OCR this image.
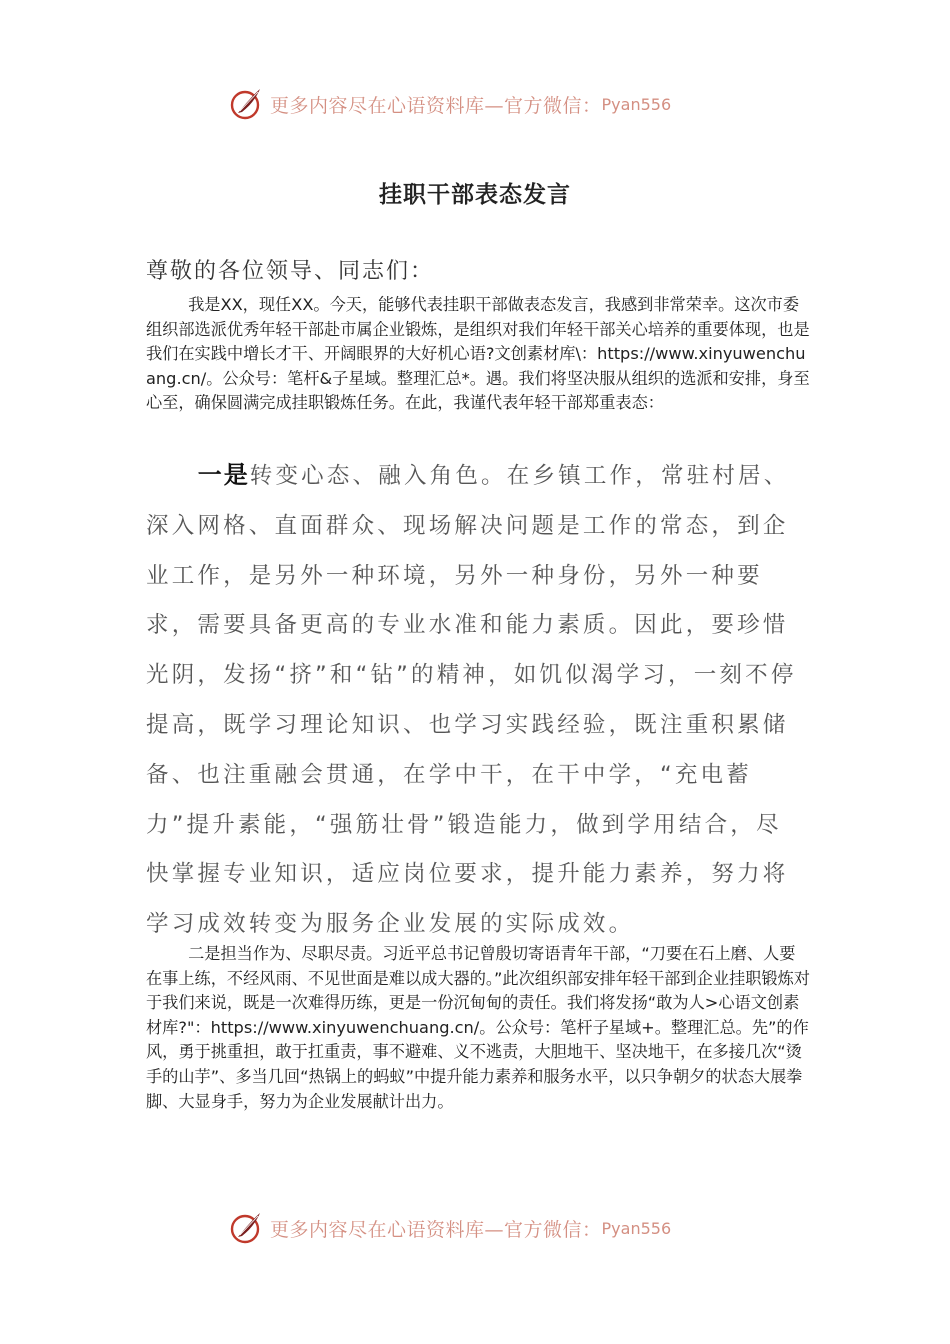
更多内容尽在心语资料库—官方微信： Pyan556
挂职干部表态发言
尊敬的各位领导、同志们：

我是XX，现任XX。今天，能够代表挂职干部做表态发言，我感到非常荣幸。这次市委组织部选派优秀年轻干部赴市属企业锻炼，是组织对我们年轻干部关心培养的重要体现，也是我们在实践中增长才干、开阔眼界的大好机心语?文创素材库\：https://www.xinyuwenchuang.cn/。公众号：笔杆&子星域。整理汇总*。遇。我们将坚决服从组织的选派和安排，身至心至，确保圆满完成挂职锻炼任务。在此，我谨代表年轻干部郑重表态：

一是转变心态、融入角色。在乡镇工作，常驻村居、深入网格、直面群众、现场解决问题是工作的常态，到企业工作，是另外一种环境，另外一种身份，另外一种要求，需要具备更高的专业水准和能力素质。因此，要珍惜光阴，发扬“挤”和“钻”的精神，如饥似渴学习，一刻不停提高，既学习理论知识、也学习实践经验，既注重积累储备、也注重融会贯通，在学中干，在干中学，“充电蓄力”提升素能，“强筋壮骨”锻造能力，做到学用结合，尽快掌握专业知识，适应岗位要求，提升能力素养，努力将学习成效转变为服务企业发展的实际成效。

二是担当作为、尽职尽责。习近平总书记曾殷切寄语青年干部，“刀要在石上磨、人要在事上练，不经风雨、不见世面是难以成大器的。”此次组织部安排年轻干部到企业挂职锻炼对于我们来说，既是一次难得历练，更是一份沉甸甸的责任。我们将发扬“敢为人>心语文创素材库?"：https://www.xinyuwenchuang.cn/。公众号：笔杆子星域+。整理汇总。先”的作风，勇于挑重担，敢于扛重责，事不避难、义不逃责，大胆地干、坚决地干，在多接几次“烫手的山芋”、多当几回“热锅上的蚂蚁”中提升能力素养和服务水平，以只争朝夕的状态大展拳脚、大显身手，努力为企业发展献计出力。

更多内容尽在心语资料库—官方微信： Pyan556
